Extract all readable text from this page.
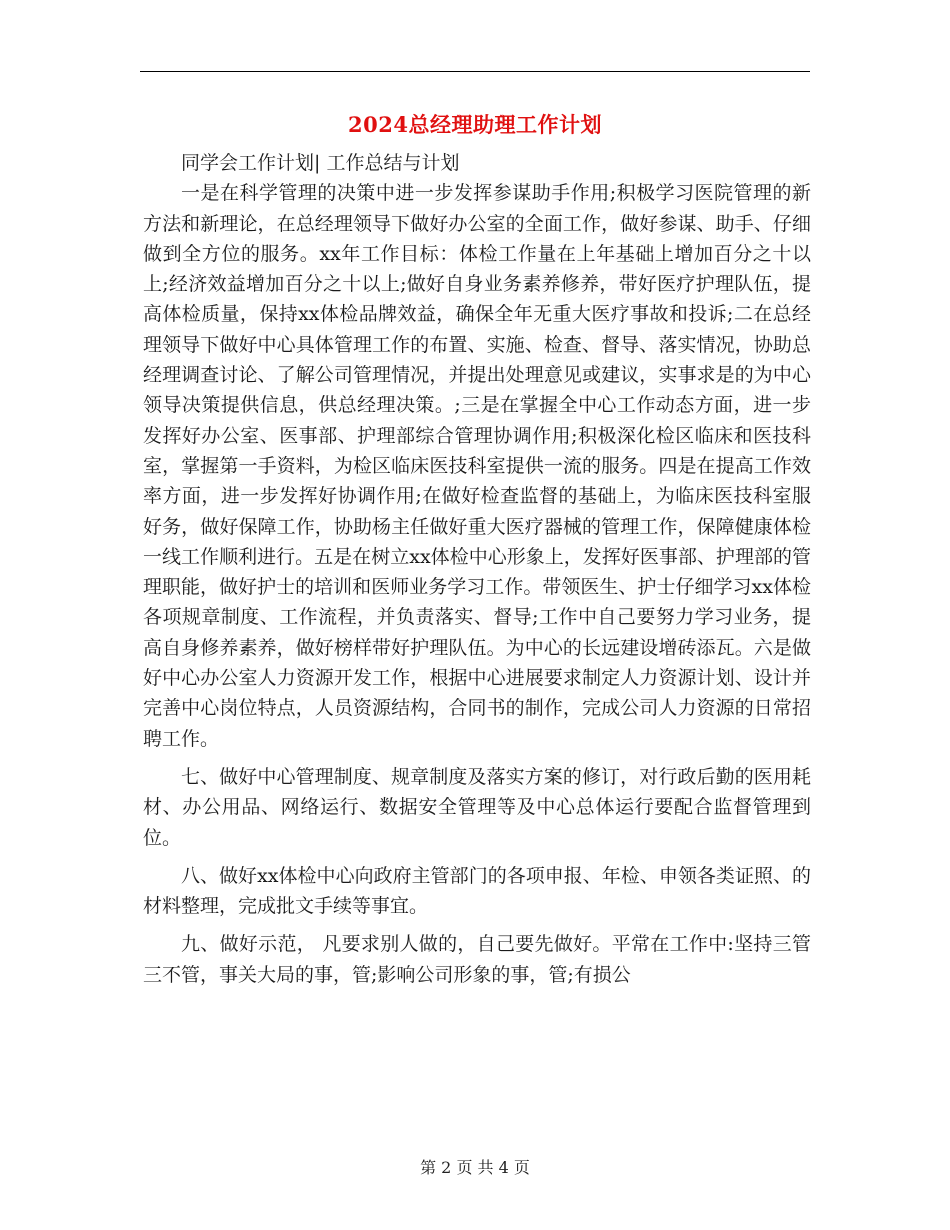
2024总经理助理工作计划

同学会工作计划| 工作总结与计划

一是在科学管理的决策中进一步发挥参谋助手作用;积极学习医院管理的新方法和新理论，在总经理领导下做好办公室的全面工作，做好参谋、助手、仔细做到全方位的服务。xx年工作目标：体检工作量在上年基础上增加百分之十以上;经济效益增加百分之十以上;做好自身业务素养修养，带好医疗护理队伍，提高体检质量，保持xx体检品牌效益，确保全年无重大医疗事故和投诉;二在总经理领导下做好中心具体管理工作的布置、实施、检查、督导、落实情况，协助总经理调查讨论、了解公司管理情况，并提出处理意见或建议，实事求是的为中心领导决策提供信息，供总经理决策。;三是在掌握全中心工作动态方面，进一步发挥好办公室、医事部、护理部综合管理协调作用;积极深化检区临床和医技科室，掌握第一手资料，为检区临床医技科室提供一流的服务。四是在提高工作效率方面，进一步发挥好协调作用;在做好检查监督的基础上，为临床医技科室服好务，做好保障工作，协助杨主任做好重大医疗器械的管理工作，保障健康体检一线工作顺利进行。五是在树立xx体检中心形象上，发挥好医事部、护理部的管理职能，做好护士的培训和医师业务学习工作。带领医生、护士仔细学习xx体检各项规章制度、工作流程，并负责落实、督导;工作中自己要努力学习业务，提高自身修养素养，做好榜样带好护理队伍。为中心的长远建设增砖添瓦。六是做好中心办公室人力资源开发工作，根据中心进展要求制定人力资源计划、设计并完善中心岗位特点，人员资源结构，合同书的制作，完成公司人力资源的日常招聘工作。

七、做好中心管理制度、规章制度及落实方案的修订，对行政后勤的医用耗材、办公用品、网络运行、数据安全管理等及中心总体运行要配合监督管理到位。

八、做好xx体检中心向政府主管部门的各项申报、年检、申领各类证照、的材料整理，完成批文手续等事宜。

九、做好示范， 凡要求别人做的，自己要先做好。平常在工作中:坚持三管三不管，事关大局的事，管;影响公司形象的事，管;有损公

第 2 页 共 4 页
